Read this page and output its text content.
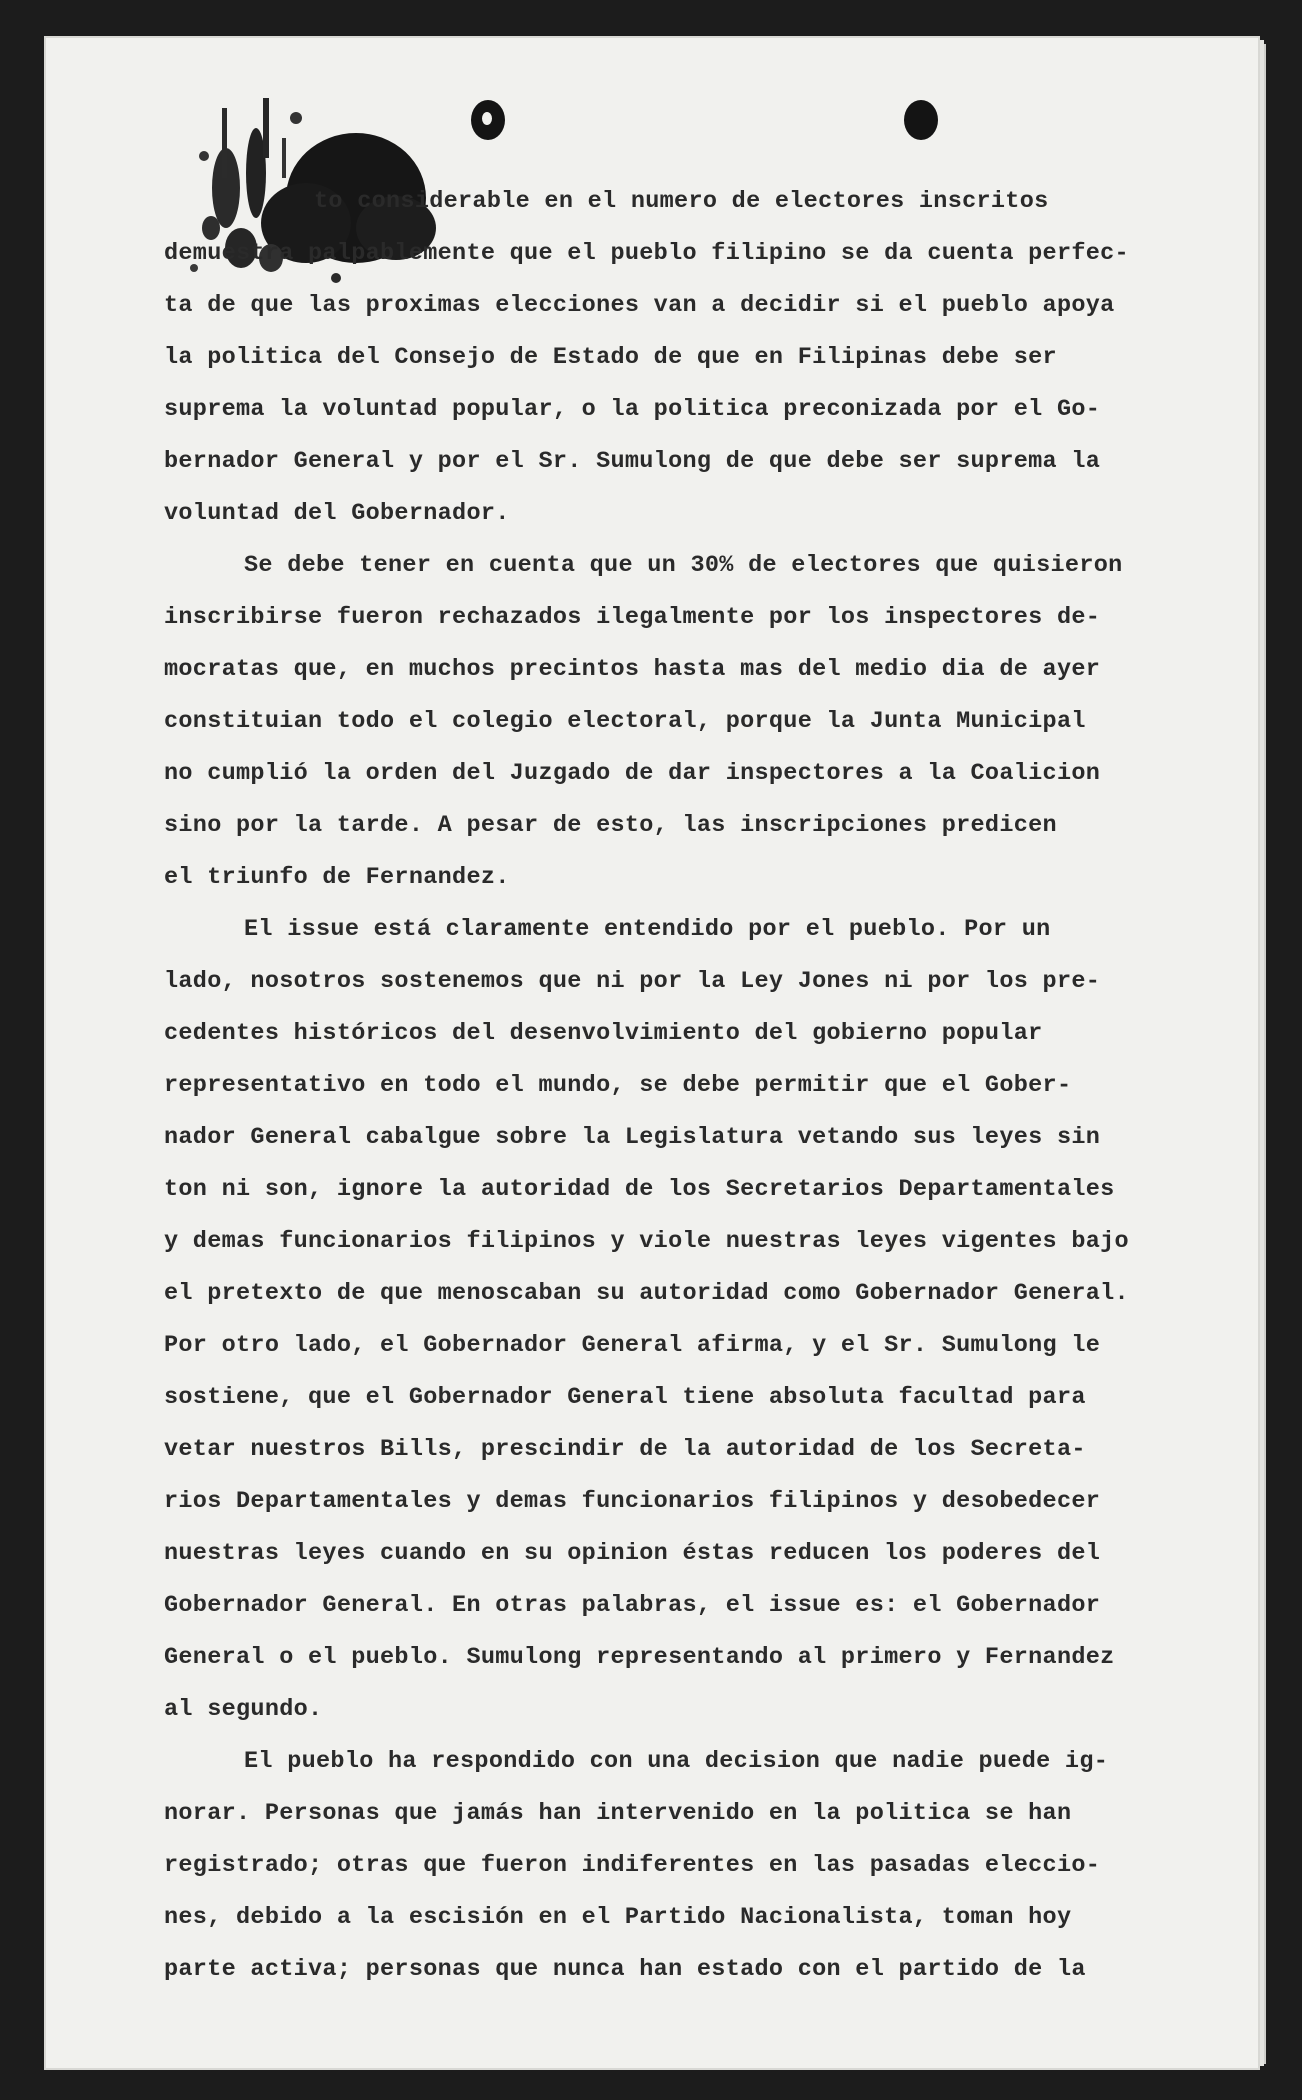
to considerable en el numero de electores inscritos
demuestra palpablemente que el pueblo filipino se da cuenta perfec-
ta de que las proximas elecciones van a decidir si el pueblo apoya
la politica del Consejo de Estado de que en Filipinas debe ser
suprema la voluntad popular, o la politica preconizada por el Go-
bernador General y por el Sr. Sumulong de que debe ser suprema la
voluntad del Gobernador.
Se debe tener en cuenta que un 30% de electores que quisieron
inscribirse fueron rechazados ilegalmente por los inspectores de-
mocratas que, en muchos precintos hasta mas del medio dia de ayer
constituian todo el colegio electoral, porque la Junta Municipal
no cumplió la orden del Juzgado de dar inspectores a la Coalicion
sino por la tarde. A pesar de esto, las inscripciones predicen
el triunfo de Fernandez.
El issue está claramente entendido por el pueblo. Por un
lado, nosotros sostenemos que ni por la Ley Jones ni por los pre-
cedentes históricos del desenvolvimiento del gobierno popular
representativo en todo el mundo, se debe permitir que el Gober-
nador General cabalgue sobre la Legislatura vetando sus leyes sin
ton ni son, ignore la autoridad de los Secretarios Departamentales
y demas funcionarios filipinos y viole nuestras leyes vigentes bajo
el pretexto de que menoscaban su autoridad como Gobernador General.
Por otro lado, el Gobernador General afirma, y el Sr. Sumulong le
sostiene, que el Gobernador General tiene absoluta facultad para
vetar nuestros Bills, prescindir de la autoridad de los Secreta-
rios Departamentales y demas funcionarios filipinos y desobedecer
nuestras leyes cuando en su opinion éstas reducen los poderes del
Gobernador General. En otras palabras, el issue es: el Gobernador
General o el pueblo. Sumulong representando al primero y Fernandez
al segundo.
El pueblo ha respondido con una decision que nadie puede ig-
norar. Personas que jamás han intervenido en la politica se han
registrado; otras que fueron indiferentes en las pasadas eleccio-
nes, debido a la escisión en el Partido Nacionalista, toman hoy
parte activa; personas que nunca han estado con el partido de la
